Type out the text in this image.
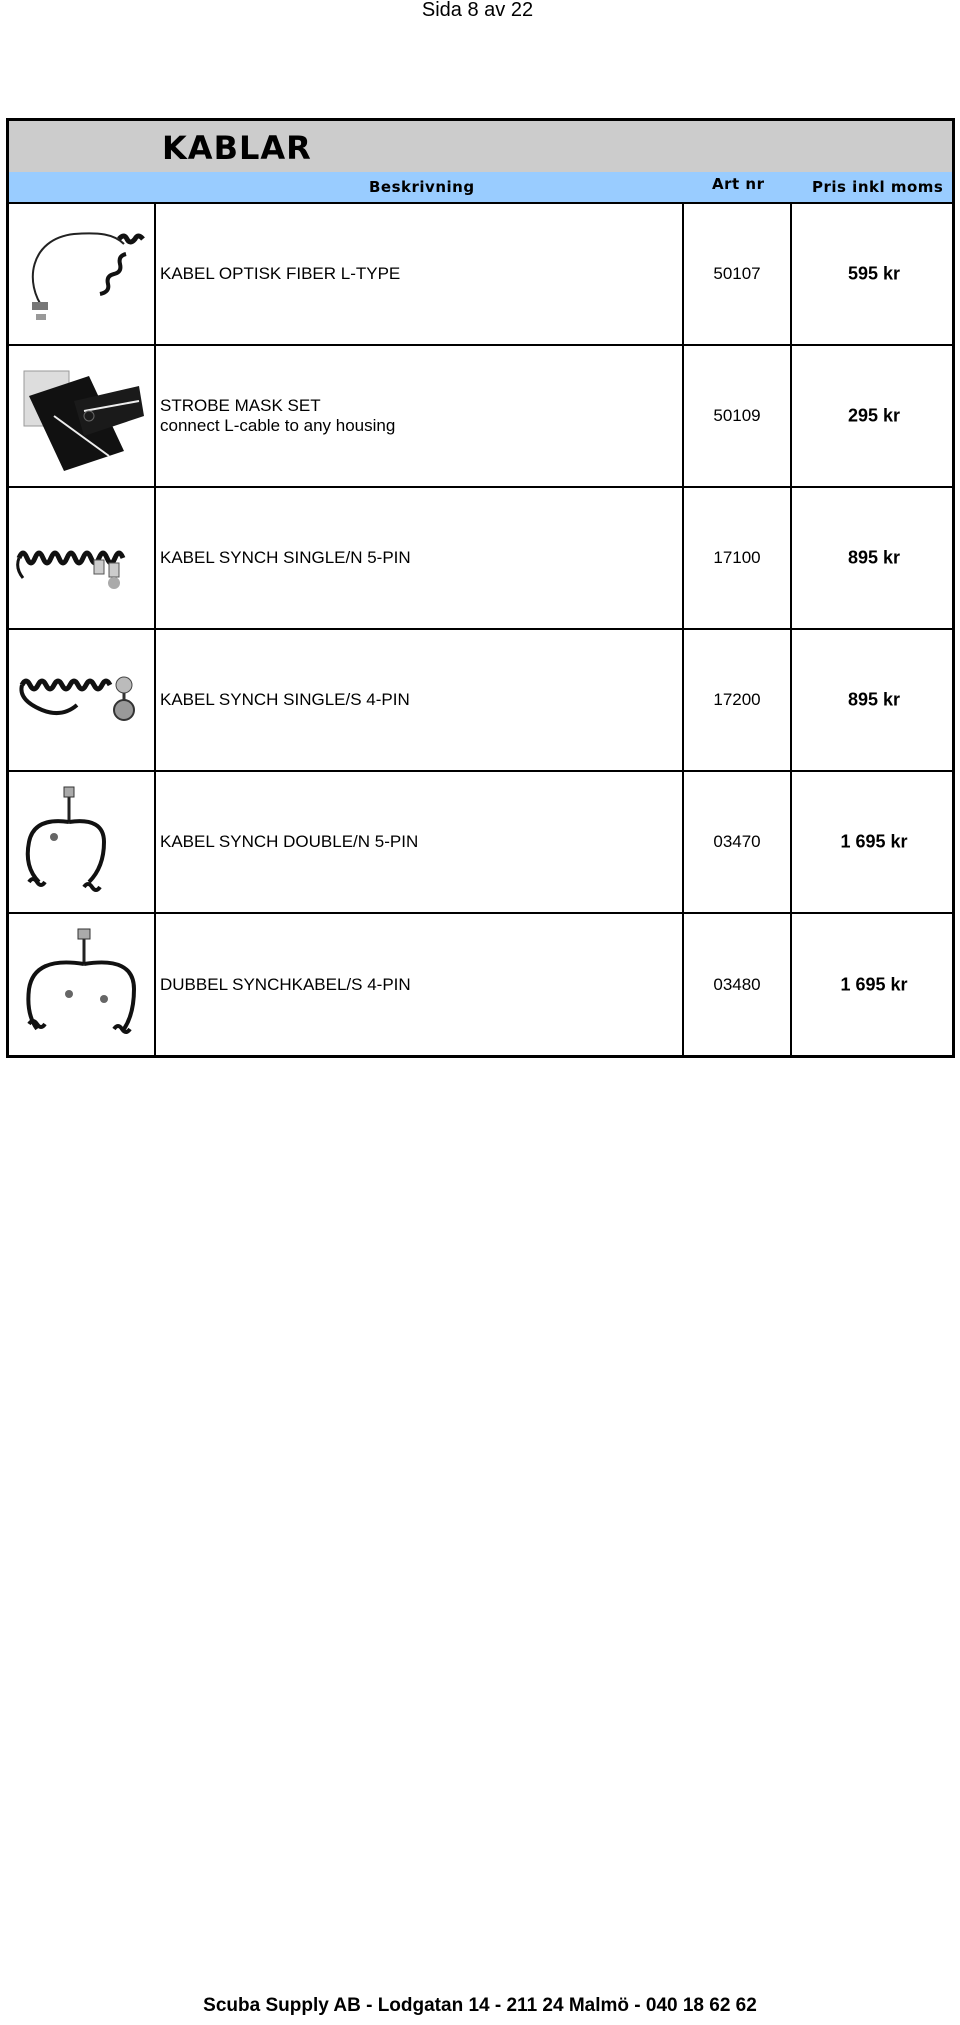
Sida 8 av 22
KABLAR
Beskrivning	Art nr	Pris inkl moms
KABEL OPTISK FIBER L-TYPE	50107	595 kr
STROBE MASK SET
connect L-cable to any housing
50109	295 kr
KABEL SYNCH SINGLE/N 5-PIN	17100	895 kr
KABEL SYNCH SINGLE/S 4-PIN	17200	895 kr
KABEL SYNCH DOUBLE/N 5-PIN	03470	1 695 kr
DUBBEL SYNCHKABEL/S 4-PIN	03480	1 695 kr
Scuba Supply AB - Lodgatan 14 - 211 24 Malmö - 040 18 62 62
